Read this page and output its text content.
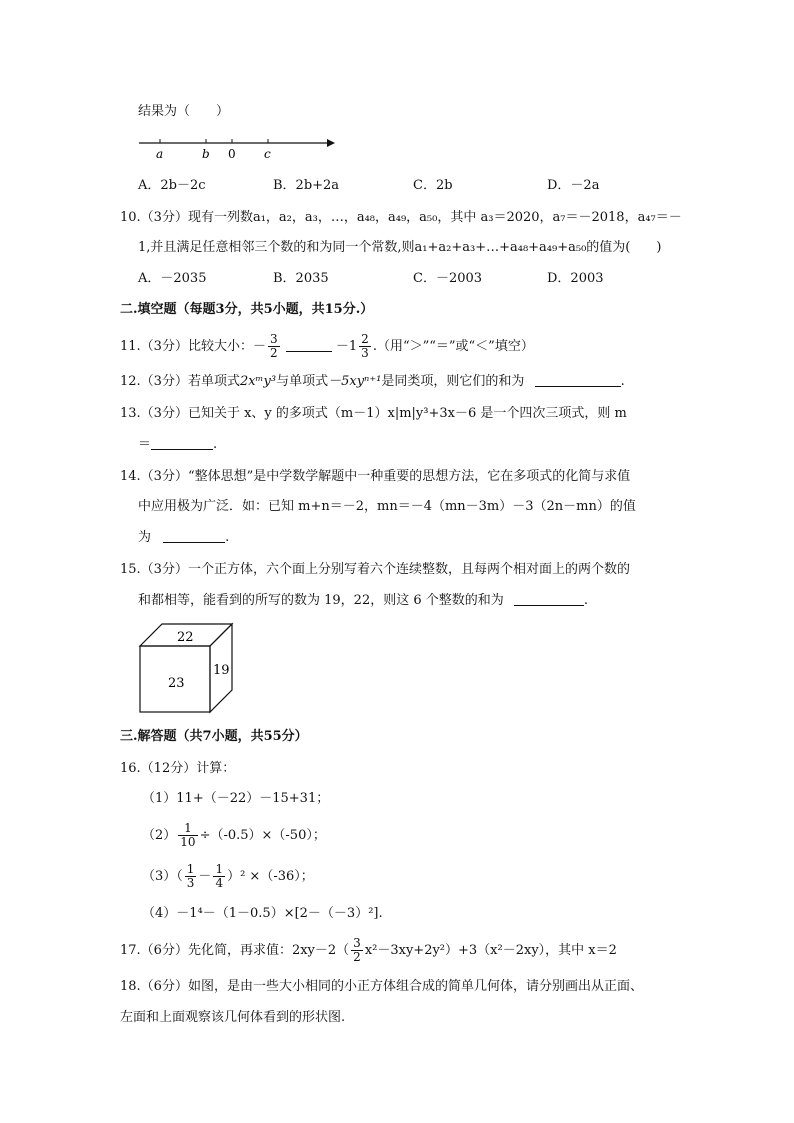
结果为（　　）
a	b 0 c
A．2b－2c	B．2b+2a	C．2b	D．－2a
10.（3分）现有一列数a₁，a₂，a₃，…，a₄₈，a₄₉，a₅₀，其中 a₃＝2020，a₇＝－2018，a₄₇＝－
1,并且满足任意相邻三个数的和为同一个常数,则a₁+a₂+a₃+…+a₄₈+a₄₉+a₅₀的值为(　　)
A．－2035	B．2035	C．－2003	D．2003
二.填空题（每题3分，共5小题，共15分.）
11.（3分）比较大小：－ $\frac{3}{2}$	$-1 \frac{2}{3}$ .（用“＞”“＝”或“＜”填空）
12.（3分）若单项式2xᵐy³与单项式－5xyⁿ⁺¹是同类项，则它们的和为	.
13.（3分）已知关于 x、y 的多项式（m－1）x|m|y³+3x－6 是一个四次三项式，则 m
＝	.
14.（3分）“整体思想”是中学数学解题中一种重要的思想方法，它在多项式的化简与求值
中应用极为广泛．如：已知 m+n＝－2，mn＝－4（mn－3m）－3（2n－mn）的值
为	.
15.（3分）一个正方体，六个面上分别写着六个连续整数，且每两个相对面上的两个数的
和都相等，能看到的所写的数为 19，22，则这 6 个整数的和为	.
22
23
19
三.解答题（共7小题，共55分）
16.（12分）计算：
（1）11+（－22）－15+31；
$(2) \frac{1}{10} \div(-0.5)\times(-50)$；
$(3)( \frac{1}{3} - \frac{1}{4} )^2 \times(-36)$；
（4）－1⁴－（1－0.5）×[2－（－3）²].
17.（6分）先化简，再求值：$2xy-2( \frac{3}{2} x^2-3xy+2y^2)+3(x^2-2xy)$，其中 x＝2
18.（6分）如图，是由一些大小相同的小正方体组合成的简单几何体，请分别画出从正面、
左面和上面观察该几何体看到的形状图.
